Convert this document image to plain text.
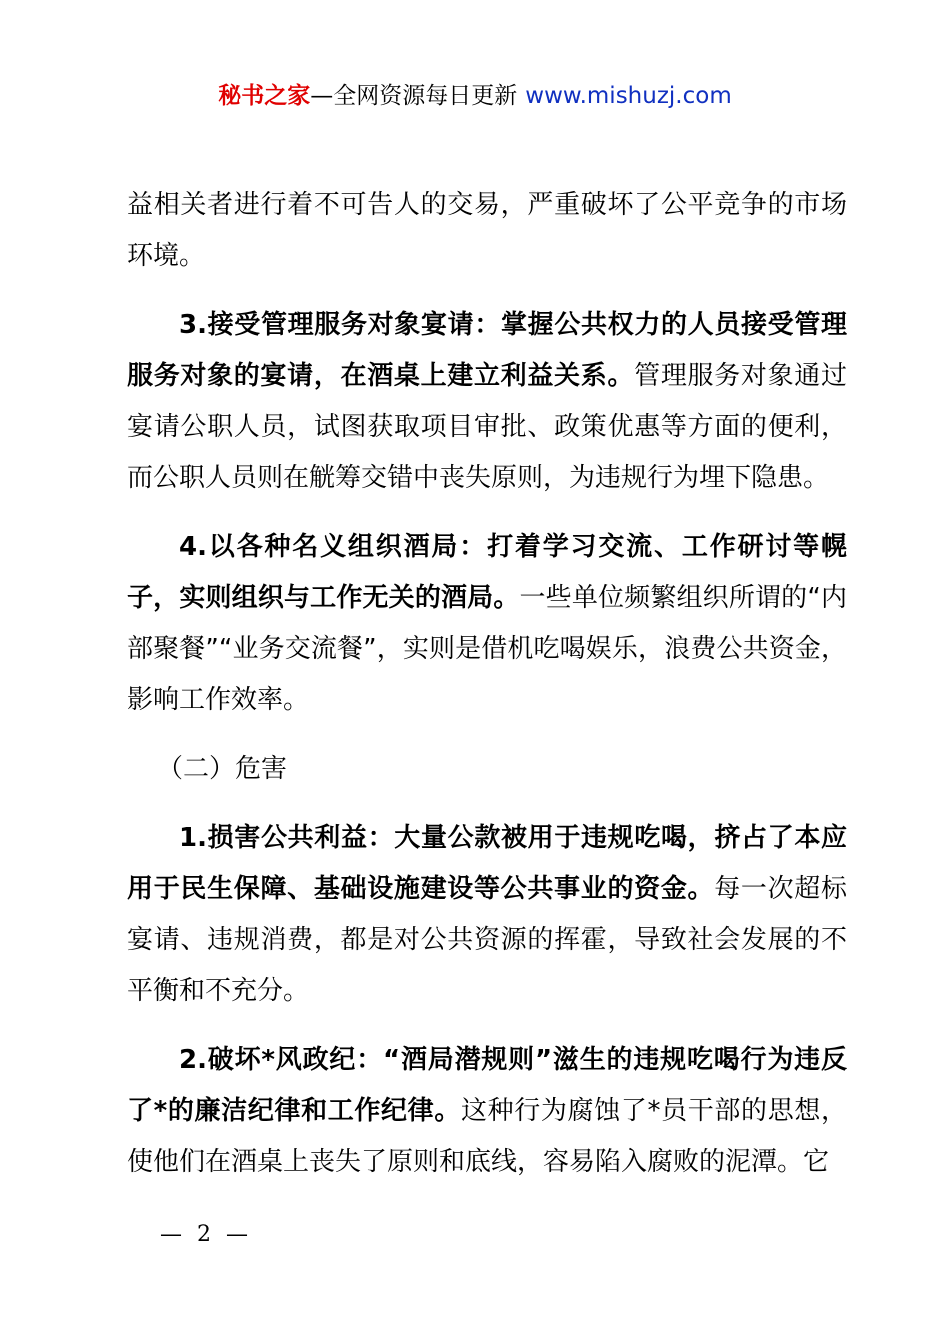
秘书之家—全网资源每日更新 www.mishuzj.com

益相关者进行着不可告人的交易，严重破坏了公平竞争的市场环境。

3.接受管理服务对象宴请：掌握公共权力的人员接受管理服务对象的宴请，在酒桌上建立利益关系。管理服务对象通过宴请公职人员，试图获取项目审批、政策优惠等方面的便利，而公职人员则在觥筹交错中丧失原则，为违规行为埋下隐患。

4.以各种名义组织酒局：打着学习交流、工作研讨等幌子，实则组织与工作无关的酒局。一些单位频繁组织所谓的“内部聚餐”“业务交流餐”，实则是借机吃喝娱乐，浪费公共资金，影响工作效率。

（二）危害

1.损害公共利益：大量公款被用于违规吃喝，挤占了本应用于民生保障、基础设施建设等公共事业的资金。每一次超标宴请、违规消费，都是对公共资源的挥霍，导致社会发展的不平衡和不充分。

2.破坏*风政纪：“酒局潜规则”滋生的违规吃喝行为违反了*的廉洁纪律和工作纪律。这种行为腐蚀了*员干部的思想，使他们在酒桌上丧失了原则和底线，容易陷入腐败的泥潭。它

— 2 —
